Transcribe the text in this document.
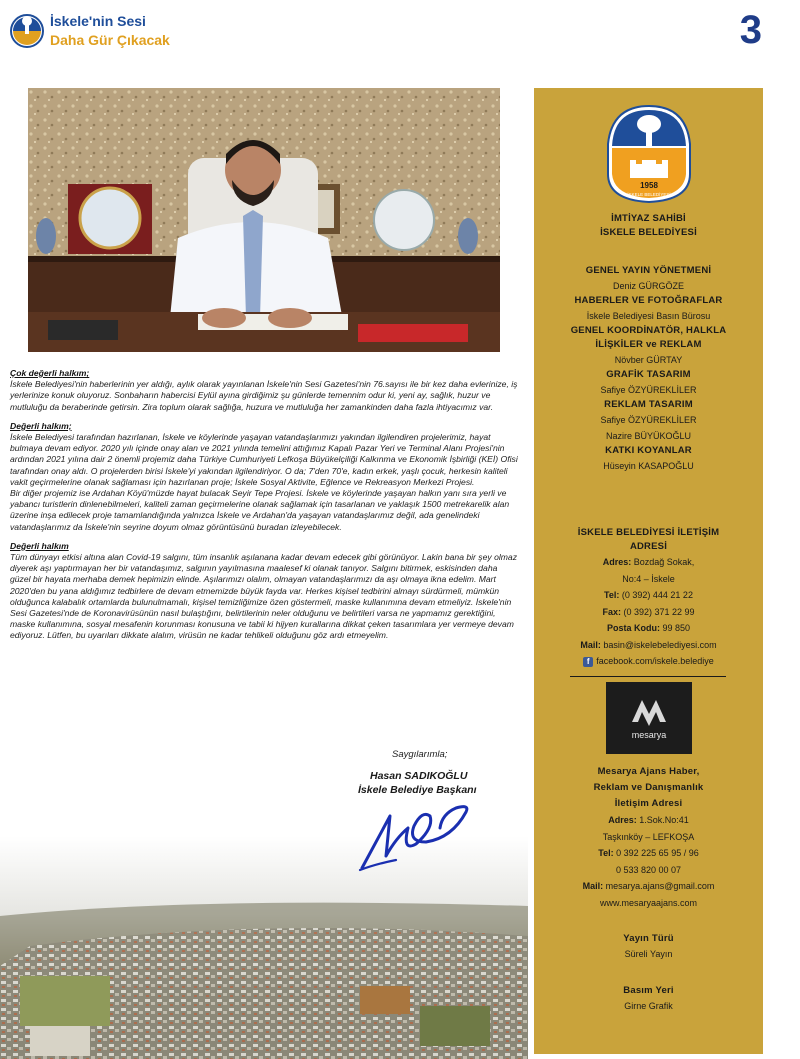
İskele'nin Sesi
Daha Gür Çıkacak	3

Çok değerli halkım;
İskele Belediyesi'nin haberlerinin yer aldığı, aylık olarak yayınlanan İskele'nin Sesi Gazetesi'nin 76.sayısı ile bir kez daha evlerinize, iş yerlerinize konuk oluyoruz. Sonbaharın habercisi Eylül ayına girdiğimiz şu günlerde temennim odur ki, yeni ay, sağlık, huzur ve mutluluğu da beraberinde getirsin. Zira toplum olarak sağlığa, huzura ve mutluluğa her zamankinden daha fazla ihtiyacımız var.

Değerli halkım;
İskele Belediyesi tarafından hazırlanan, İskele ve köylerinde yaşayan vatandaşlarımızı yakından ilgilendiren projelerimiz, hayat bulmaya devam ediyor. 2020 yılı içinde onay alan ve 2021 yılında temelini attığımız Kapalı Pazar Yeri ve Terminal Alanı Projesi'nin ardından 2021 yılına dair 2 önemli projemiz daha Türkiye Cumhuriyeti Lefkoşa Büyükelçiliği Kalkınma ve Ekonomik İşbirliği (KEİ) Ofisi tarafından onay aldı. O projelerden birisi İskele'yi yakından ilgilendiriyor. O da; 7'den 70'e, kadın erkek, yaşlı çocuk, herkesin kaliteli vakit geçirmelerine olanak sağlaması için hazırlanan proje; İskele Sosyal Aktivite, Eğlence ve Rekreasyon Merkezi Projesi.
Bir diğer projemiz ise Ardahan Köyü'müzde hayat bulacak Seyir Tepe Projesi. İskele ve köylerinde yaşayan halkın yanı sıra yerli ve yabancı turistlerin dinlenebilmeleri, kaliteli zaman geçirmelerine olanak sağlamak için tasarlanan ve yaklaşık 1500 metrekarelik alan üzerine inşa edilecek proje tamamlandığında yalnızca İskele ve Ardahan'da yaşayan vatandaşlarımız değil, ada genelindeki vatandaşlarımız da İskele'nin seyrine doyum olmaz görüntüsünü buradan izleyebilecek.

Değerli halkım
Tüm dünyayı etkisi altına alan Covid-19 salgını, tüm insanlık aşılanana kadar devam edecek gibi görünüyor. Lakin bana bir şey olmaz diyerek aşı yaptırmayan her bir vatandaşımız, salgının yayılmasına maalesef ki olanak tanıyor. Salgını bitirmek, eskisinden daha güzel bir hayata merhaba demek hepimizin elinde. Aşılarımızı olalım, olmayan vatandaşlarımızı da aşı olmaya ikna edelim. Mart 2020'den bu yana aldığımız tedbirlere de devam etmemizde büyük fayda var. Herkes kişisel tedbirini almayı sürdürmeli, mümkün olduğunca kalabalık ortamlarda bulunulmamalı, kişisel temizliğimize özen göstermeli, maske kullanımına devam etmeliyiz. İskele'nin Sesi Gazetesi'nde de Koronavirüsünün nasıl bulaştığını, belirtilerinin neler olduğunu ve belirtileri varsa ne yapmamız gerektiğini, maske kullanımına, sosyal mesafenin korunması konusuna ve tabii ki hijyen kurallarına dikkat çeken tasarımlara yer vermeye devam ediyoruz. Lütfen, bu uyarıları dikkate alalım, virüsün ne kadar tehlikeli olduğunu göz ardı etmeyelim.

Saygılarımla;
Hasan SADIKOĞLU
İskele Belediye Başkanı
1958
İSKELE BELEDİYESİ
İMTİYAZ SAHİBİ
İSKELE BELEDİYESİ
GENEL YAYIN YÖNETMENİ
Deniz GÜRGÖZE
HABERLER VE FOTOĞRAFLAR
İskele Belediyesi Basın Bürosu
GENEL KOORDİNATÖR, HALKLA
İLİŞKİLER ve REKLAM
Növber GÜRTAY
GRAFİK TASARIM
Safiye ÖZYÜREKLİLER
REKLAM TASARIM
Safiye ÖZYÜREKLİLER
Nazire BÜYÜKOĞLU
KATKI KOYANLAR
Hüseyin KASAPOĞLU
İSKELE BELEDİYESİ İLETİŞİM
ADRESİ
Adres: Bozdağ Sokak,
No:4 – İskele
Tel: (0 392) 444 21 22
Fax: (0 392) 371 22 99
Posta Kodu: 99 850
Mail: basin@iskelebelediyesi.com
f facebook.com/iskele.belediye
mesarya
Mesarya Ajans Haber,
Reklam ve Danışmanlık
İletişim Adresi
Adres: 1.Sok.No:41
Taşkınköy – LEFKOŞA
Tel: 0 392 225 65 95 / 96
0 533 820 00 07
Mail: mesarya.ajans@gmail.com
www.mesaryaajans.com
Yayın Türü
Süreli Yayın
Basım Yeri
Girne Grafik
